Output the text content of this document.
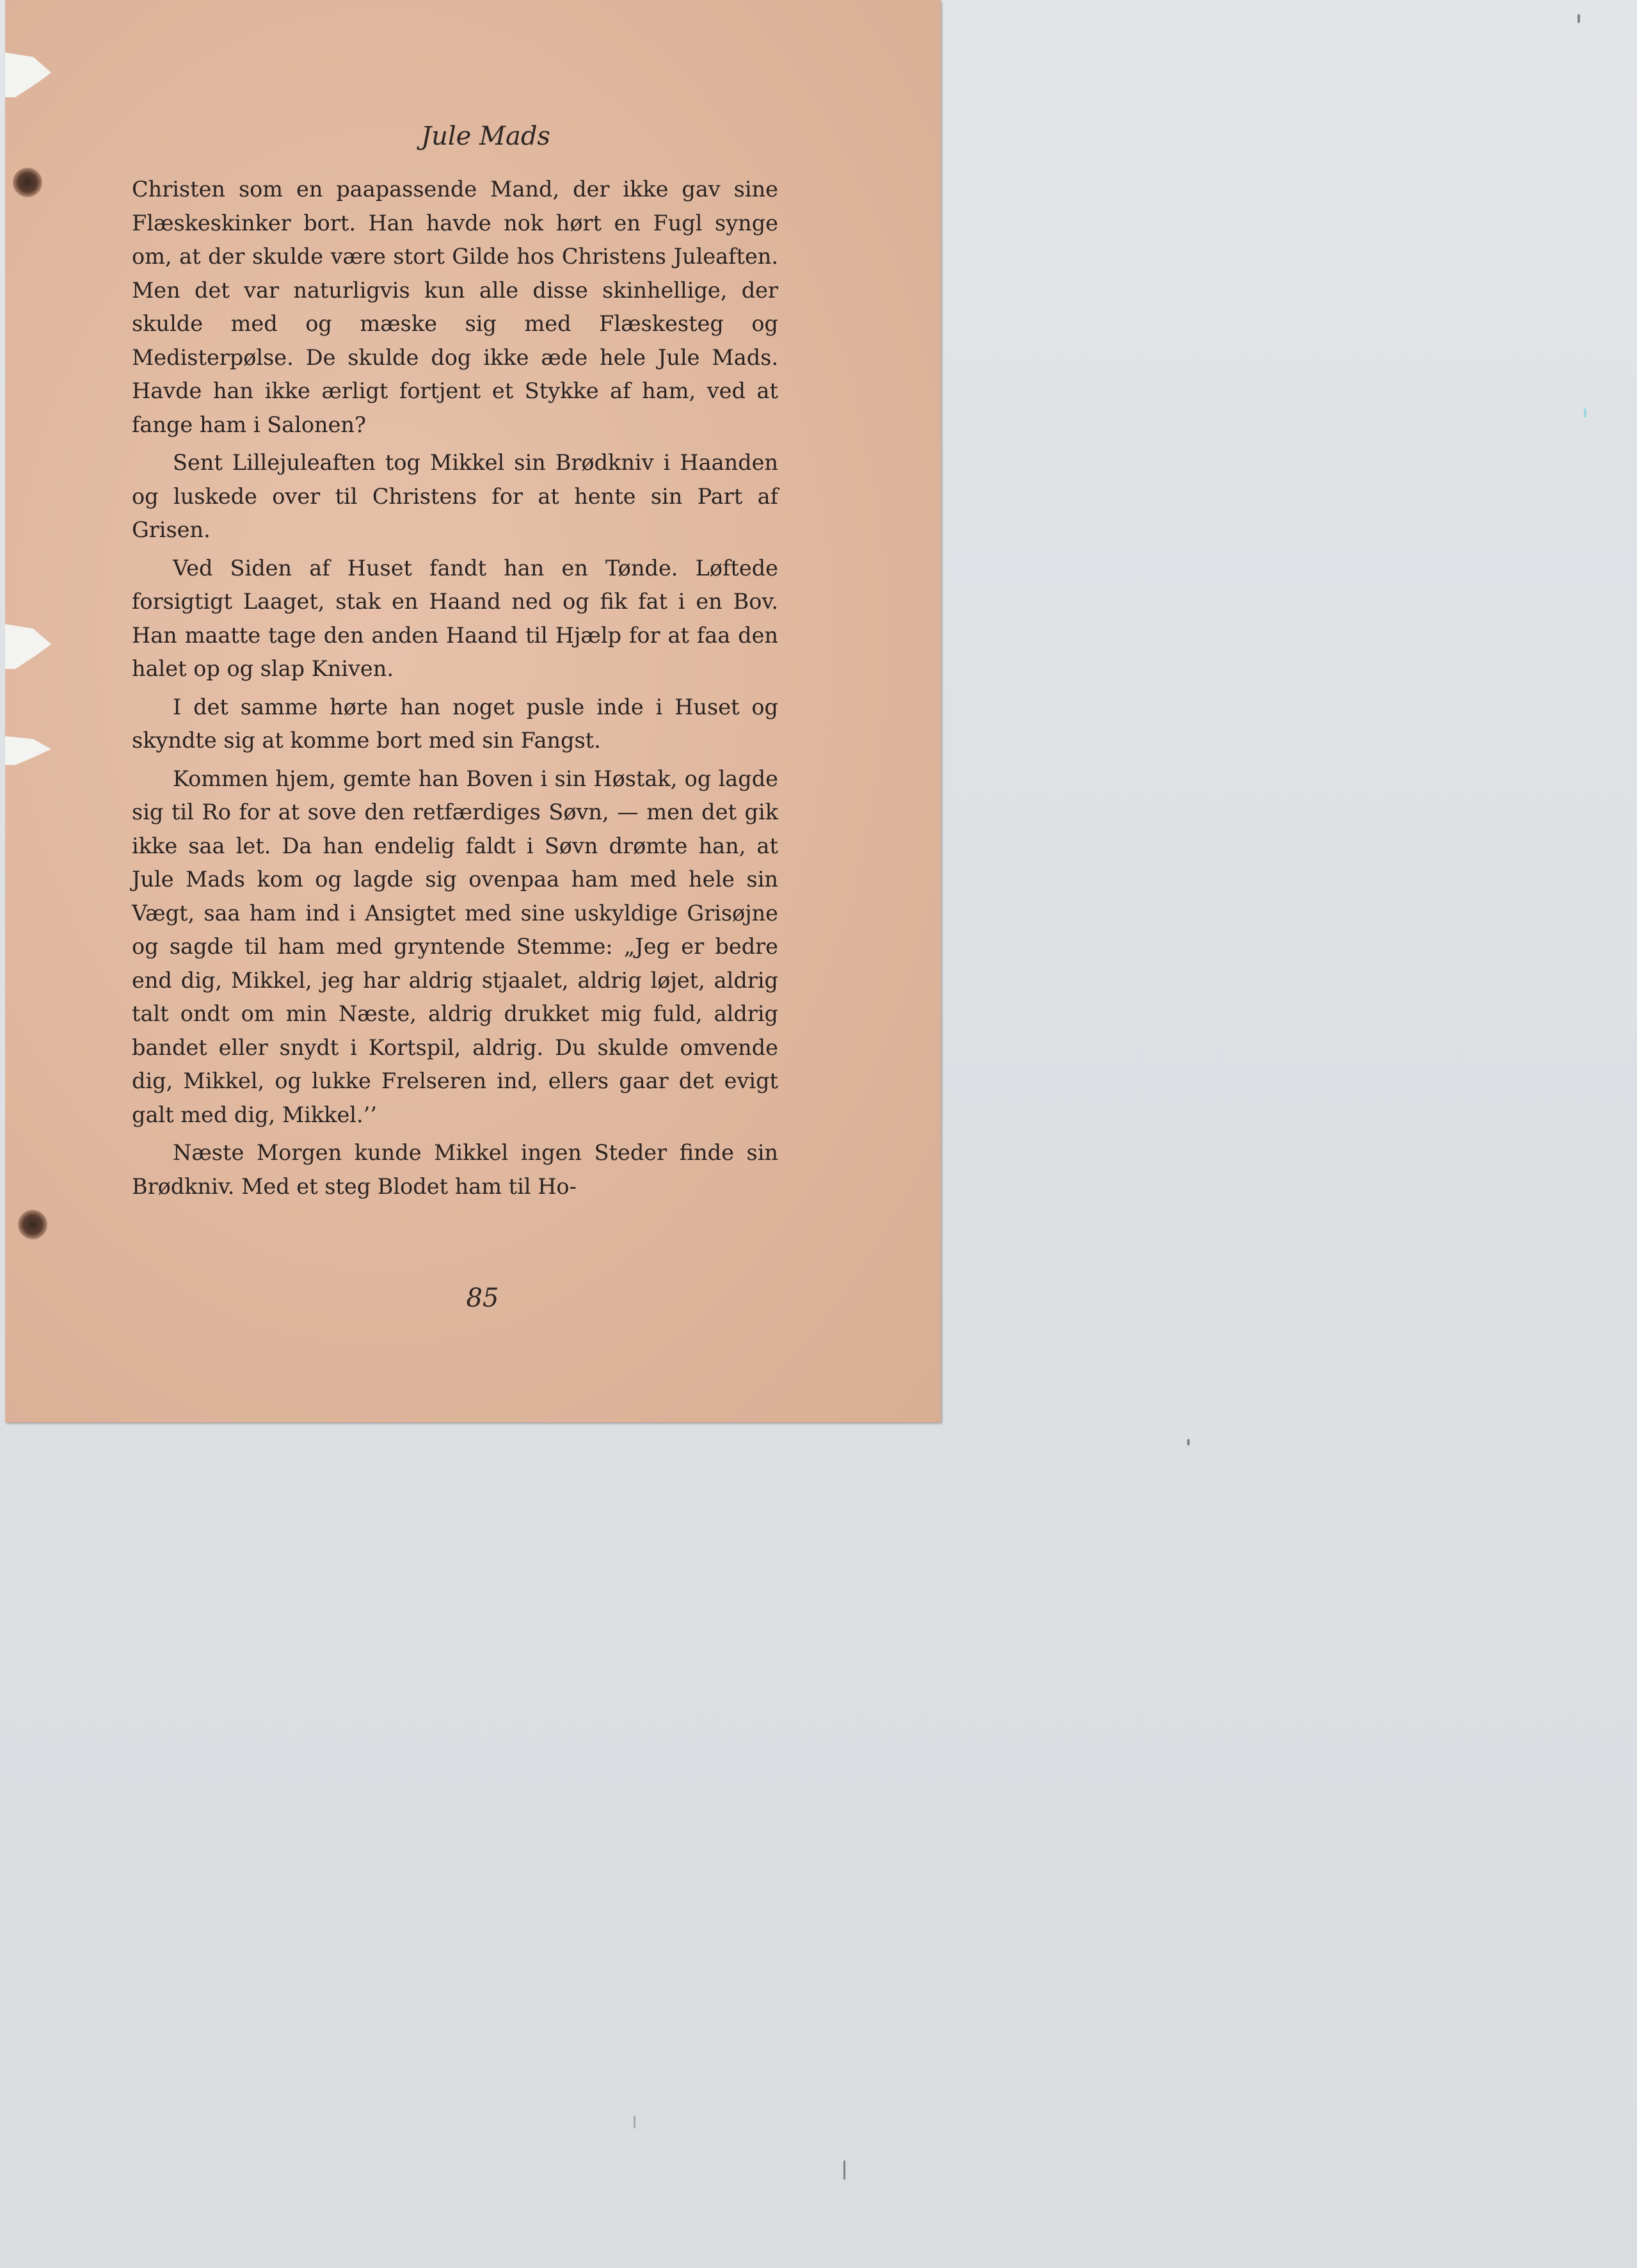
Jule Mads

Christen som en paapassende Mand, der ikke gav sine Flæskeskinker bort. Han havde nok hørt en Fugl synge om, at der skulde være stort Gilde hos Christens Juleaften. Men det var naturligvis kun alle disse skinhellige, der skulde med og mæske sig med Flæskesteg og Medisterpølse. De skulde dog ikke æde hele Jule Mads. Havde han ikke ærligt fortjent et Stykke af ham, ved at fange ham i Salonen?

Sent Lillejuleaften tog Mikkel sin Brødkniv i Haanden og luskede over til Christens for at hente sin Part af Grisen.

Ved Siden af Huset fandt han en Tønde. Løftede forsigtigt Laaget, stak en Haand ned og fik fat i en Bov. Han maatte tage den anden Haand til Hjælp for at faa den halet op og slap Kniven.

I det samme hørte han noget pusle inde i Huset og skyndte sig at komme bort med sin Fangst.

Kommen hjem, gemte han Boven i sin Høstak, og lagde sig til Ro for at sove den retfærdiges Søvn, — men det gik ikke saa let. Da han endelig faldt i Søvn drømte han, at Jule Mads kom og lagde sig ovenpaa ham med hele sin Vægt, saa ham ind i Ansigtet med sine uskyldige Grisøjne og sagde til ham med gryntende Stemme: „Jeg er bedre end dig, Mikkel, jeg har aldrig stjaalet, aldrig løjet, aldrig talt ondt om min Næste, aldrig drukket mig fuld, aldrig bandet eller snydt i Kortspil, aldrig. Du skulde omvende dig, Mikkel, og lukke Frelseren ind, ellers gaar det evigt galt med dig, Mikkel.’’

Næste Morgen kunde Mikkel ingen Steder finde sin Brødkniv. Med et steg Blodet ham til Ho-

85
